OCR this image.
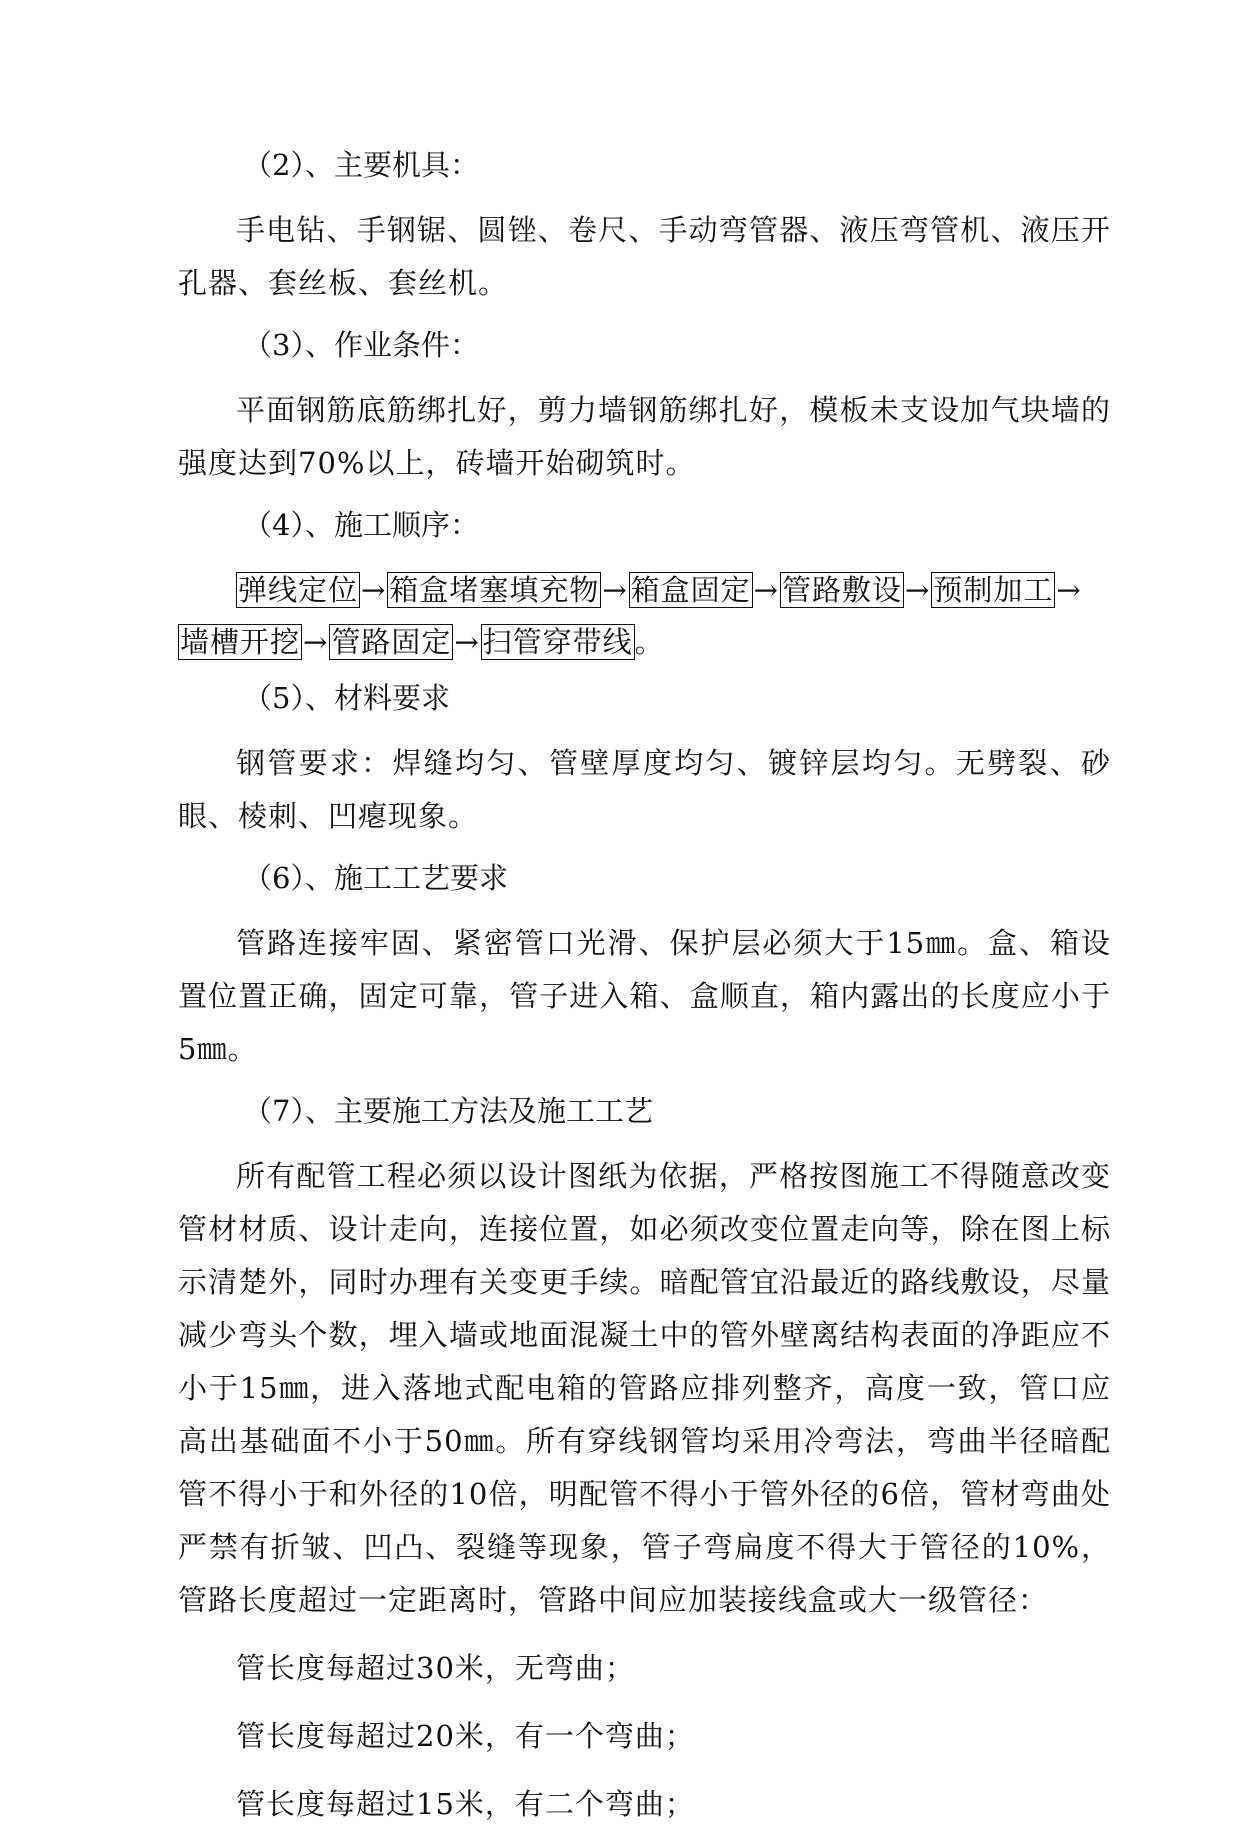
（2）、主要机具：

手电钻、手钢锯、圆锉、卷尺、手动弯管器、液压弯管机、液压开孔器、套丝板、套丝机。

（3）、作业条件：

平面钢筋底筋绑扎好，剪力墙钢筋绑扎好，模板未支设加气块墙的强度达到70%以上，砖墙开始砌筑时。

（4）、施工顺序：

弹线定位 → 箱盒堵塞填充物 → 箱盒固定 → 管路敷设 → 预制加工 →墙槽开挖 → 管路固定 → 扫管穿带线。

（5）、材料要求

钢管要求：焊缝均匀、管壁厚度均匀、镀锌层均匀。无劈裂、砂眼、棱刺、凹瘪现象。

（6）、施工工艺要求

管路连接牢固、紧密管口光滑、保护层必须大于15㎜。盒、箱设置位置正确，固定可靠，管子进入箱、盒顺直，箱内露出的长度应小于5㎜。

（7）、主要施工方法及施工工艺

所有配管工程必须以设计图纸为依据，严格按图施工不得随意改变管材材质、设计走向，连接位置，如必须改变位置走向等，除在图上标示清楚外，同时办理有关变更手续。暗配管宜沿最近的路线敷设，尽量减少弯头个数，埋入墙或地面混凝土中的管外壁离结构表面的净距应不小于15㎜，进入落地式配电箱的管路应排列整齐，高度一致，管口应高出基础面不小于50㎜。所有穿线钢管均采用冷弯法，弯曲半径暗配管不得小于和外径的10倍，明配管不得小于管外径的6倍，管材弯曲处严禁有折皱、凹凸、裂缝等现象，管子弯扁度不得大于管径的10%，管路长度超过一定距离时，管路中间应加装接线盒或大一级管径：

管长度每超过30米，无弯曲；

管长度每超过20米，有一个弯曲；

管长度每超过15米，有二个弯曲；
